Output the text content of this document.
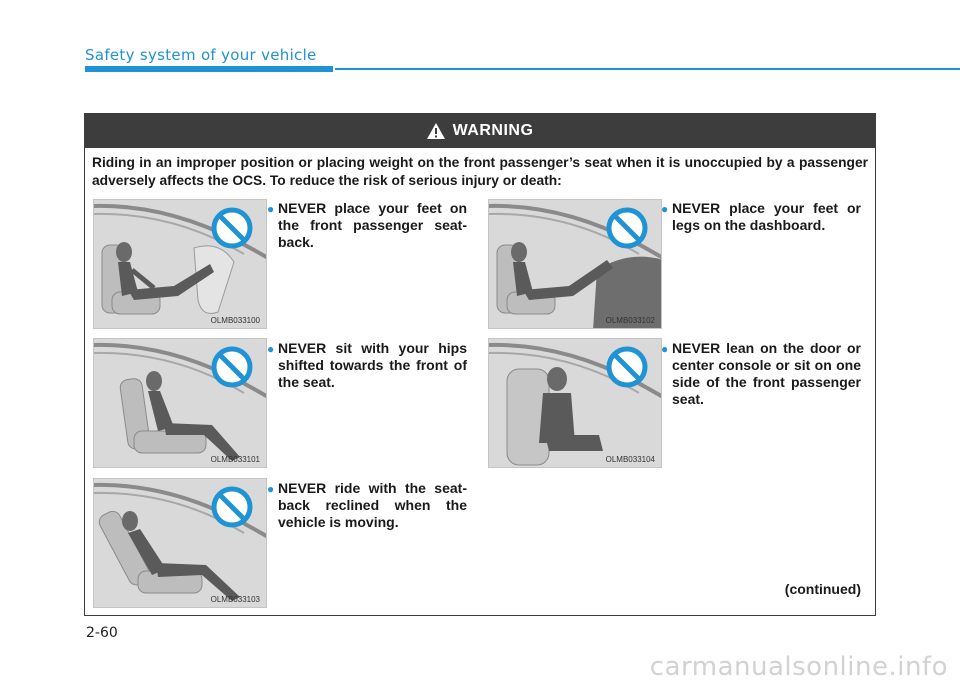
Safety system of your vehicle
WARNING
Riding in an improper position or placing weight on the front passenger’s seat when it is unoccupied by a passenger adversely affects the OCS. To reduce the risk of serious injury or death:
OLMB033100
● NEVER place your feet on the front passenger seat-back.
OLMB033101
● NEVER sit with your hips shifted towards the front of the seat.
OLMB033103
● NEVER ride with the seat-back reclined when the vehicle is moving.
OLMB033102
● NEVER place your feet or legs on the dashboard.
OLMB033104
● NEVER lean on the door or center console or sit on one side of the front passenger seat.
(continued)
2-60
carmanualsonline.info
